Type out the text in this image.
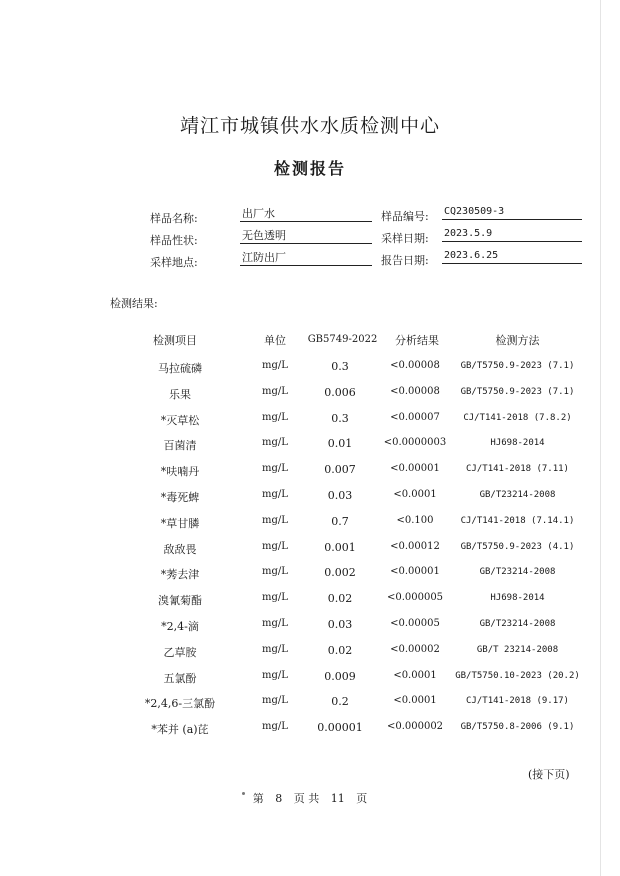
靖江市城镇供水水质检测中心
检测报告
样品名称:	出厂水
样品性状:	无色透明
采样地点:	江防出厂
样品编号: CQ230509-3
采样日期: 2023.5.9
报告日期: 2023.6.25
检测结果:
检测项目	单位	GB5749-2022	分析结果	检测方法
马拉硫磷	mg/L	0.3	<0.00008	GB/T5750.9-2023 (7.1)
乐果	mg/L	0.006	<0.00008	GB/T5750.9-2023 (7.1)
*灭草松	mg/L	0.3	<0.00007	CJ/T141-2018 (7.8.2)
百菌清	mg/L	0.01	<0.0000003	HJ698-2014
*呋喃丹	mg/L	0.007	<0.00001	CJ/T141-2018 (7.11)
*毒死蜱	mg/L	0.03	<0.0001	GB/T23214-2008
*草甘膦	mg/L	0.7	<0.100	CJ/T141-2018 (7.14.1)
敌敌畏	mg/L	0.001	<0.00012	GB/T5750.9-2023 (4.1)
*莠去津	mg/L	0.002	<0.00001	GB/T23214-2008
溴氰菊酯	mg/L	0.02	<0.000005	HJ698-2014
*2,4-滴	mg/L	0.03	<0.00005	GB/T23214-2008
乙草胺	mg/L	0.02	<0.00002	GB/T 23214-2008
五氯酚	mg/L	0.009	<0.0001	GB/T5750.10-2023 (20.2)
*2,4,6-三氯酚	mg/L	0.2	<0.0001	CJ/T141-2018 (9.17)
*苯并 (a)芘	mg/L	0.00001	<0.000002	GB/T5750.8-2006 (9.1)
(接下页)
第 8 页 共 11 页
